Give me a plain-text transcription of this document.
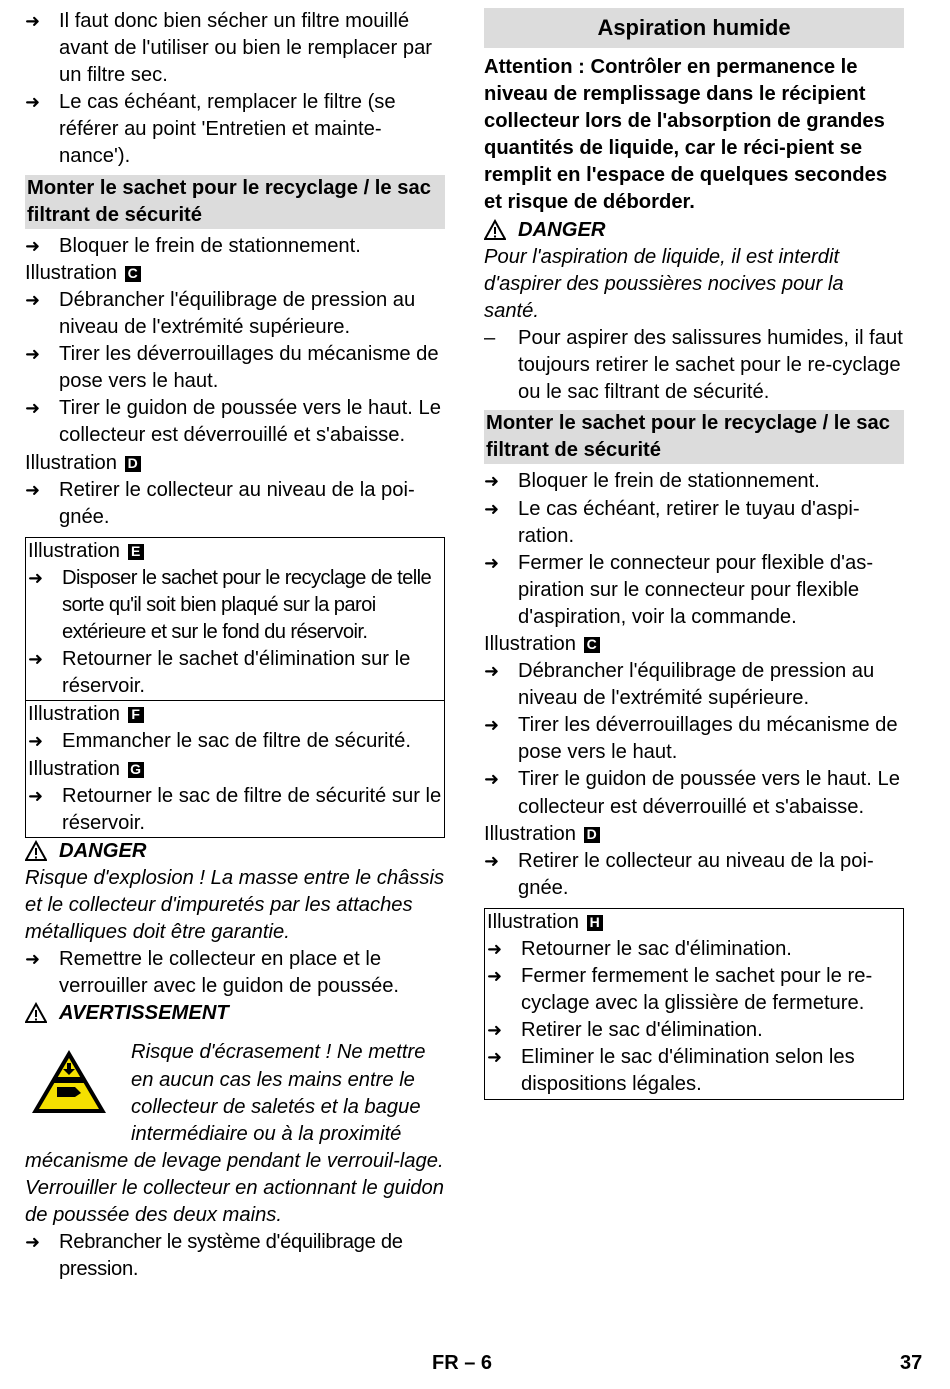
➜ Il faut donc bien sécher un filtre mouillé avant de l'utiliser ou bien le remplacer par un filtre sec.

➜ Le cas échéant, remplacer le filtre (se référer au point 'Entretien et mainte-nance').

Monter le sachet pour le recyclage / le sac filtrant de sécurité

➜ Bloquer le frein de stationnement.

Illustration C

➜ Débrancher l'équilibrage de pression au niveau de l'extrémité supérieure.

➜ Tirer les déverrouillages du mécanisme de pose vers le haut.

➜ Tirer le guidon de poussée vers le haut. Le collecteur est déverrouillé et s'abaisse.

Illustration D

➜ Retirer le collecteur au niveau de la poi-gnée.

Illustration E

➜ Disposer le sachet pour le recyclage de telle sorte qu'il soit bien plaqué sur la paroi extérieure et sur le fond du réservoir.

➜ Retourner le sachet d'élimination sur le réservoir.

Illustration F

➜ Emmancher le sac de filtre de sécurité.

Illustration G

➜ Retourner le sac de filtre de sécurité sur le réservoir.

DANGER

Risque d'explosion ! La masse entre le châssis et le collecteur d'impuretés par les attaches métalliques doit être garantie.

➜ Remettre le collecteur en place et le verrouiller avec le guidon de poussée.

AVERTISSEMENT

Risque d'écrasement ! Ne mettre en aucun cas les mains entre le collecteur de saletés et la bague intermédiaire ou à la proximité mécanisme de levage pendant le verrouil-lage. Verrouiller le collecteur en actionnant le guidon de poussée des deux mains.

➜ Rebrancher le système d'équilibrage de pression.

Aspiration humide

Attention : Contrôler en permanence le niveau de remplissage dans le récipient collecteur lors de l'absorption de grandes quantités de liquide, car le réci-pient se remplit en l'espace de quelques secondes et risque de déborder.

DANGER

Pour l'aspiration de liquide, il est interdit d'aspirer des poussières nocives pour la santé.

– Pour aspirer des salissures humides, il faut toujours retirer le sachet pour le re-cyclage ou le sac filtrant de sécurité.

Monter le sachet pour le recyclage / le sac filtrant de sécurité

➜ Bloquer le frein de stationnement.

➜ Le cas échéant, retirer le tuyau d'aspi-ration.

➜ Fermer le connecteur pour flexible d'as-piration sur le connecteur pour flexible d'aspiration, voir la commande.

Illustration C

➜ Débrancher l'équilibrage de pression au niveau de l'extrémité supérieure.

➜ Tirer les déverrouillages du mécanisme de pose vers le haut.

➜ Tirer le guidon de poussée vers le haut. Le collecteur est déverrouillé et s'abaisse.

Illustration D

➜ Retirer le collecteur au niveau de la poi-gnée.

Illustration H

➜ Retourner le sac d'élimination.

➜ Fermer fermement le sachet pour le re-cyclage avec la glissière de fermeture.

➜ Retirer le sac d'élimination.

➜ Eliminer le sac d'élimination selon les dispositions légales.

FR – 6	37
